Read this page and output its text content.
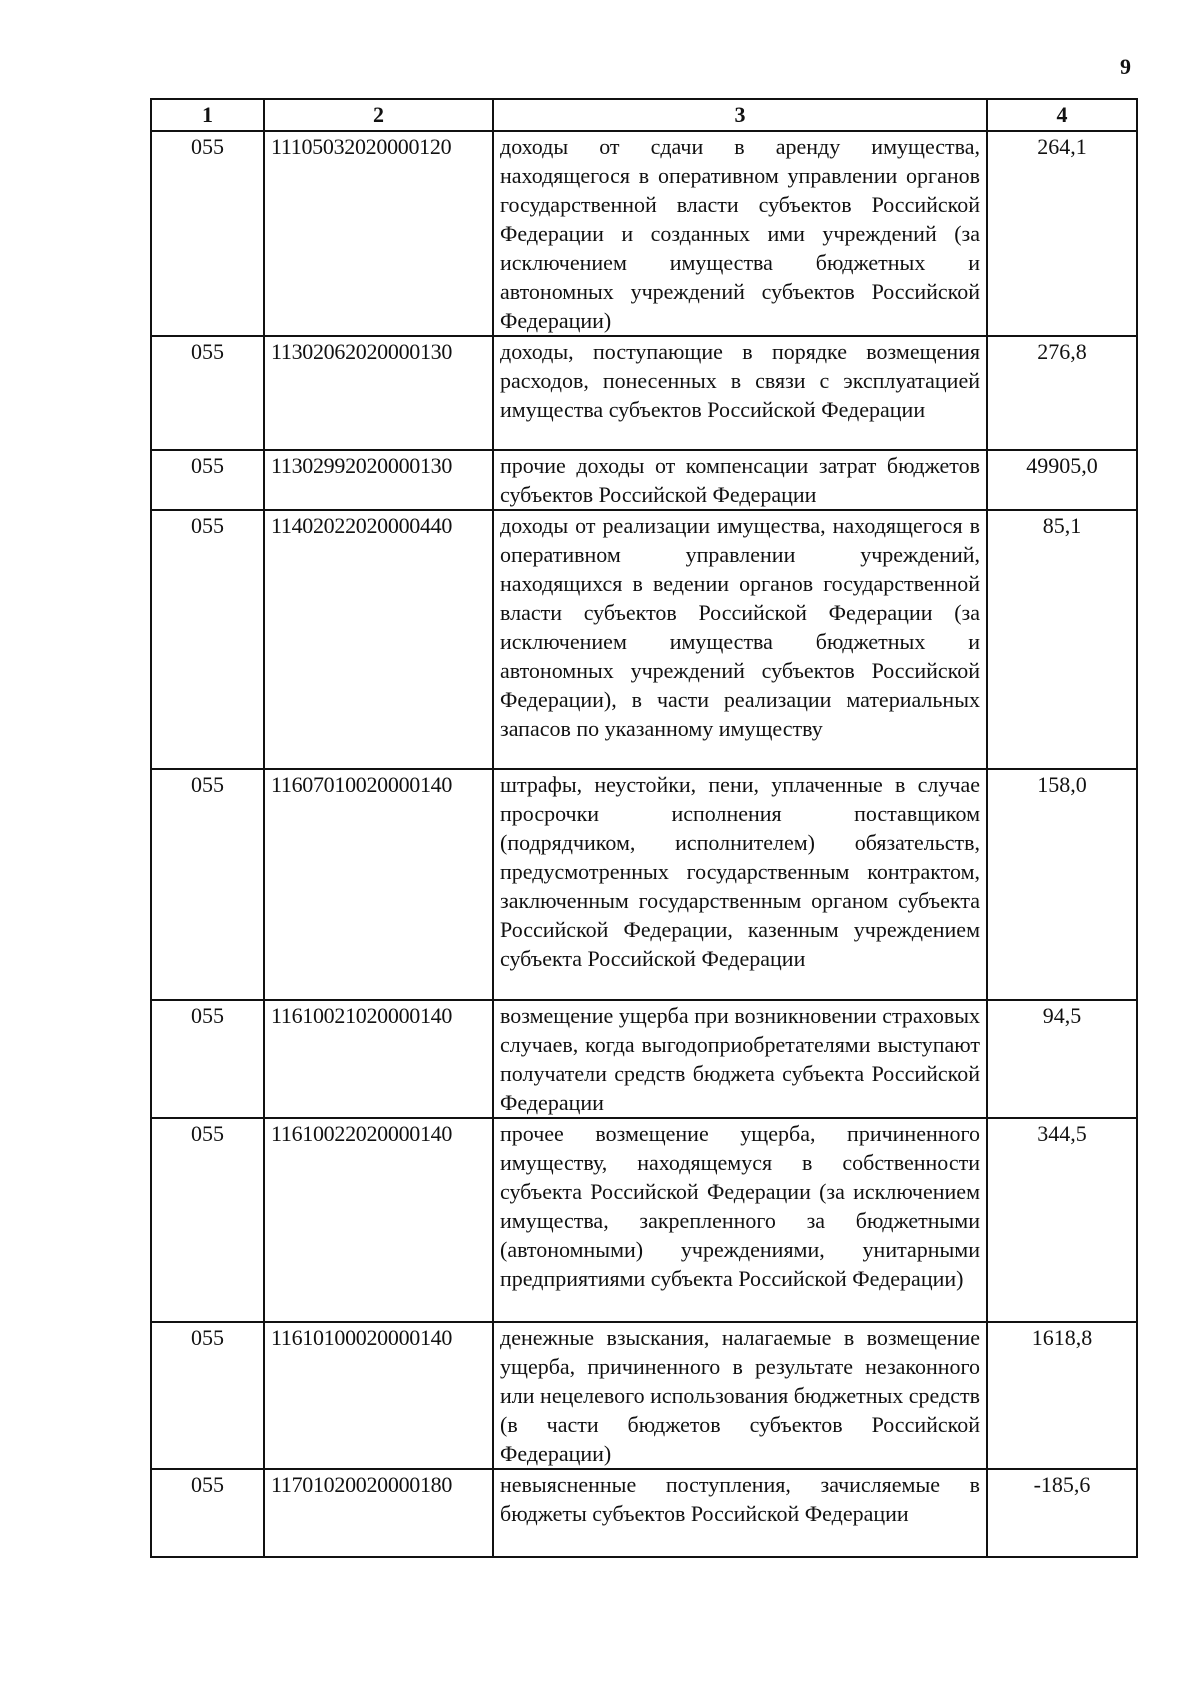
9
1	2	3	4
055	11105032020000120	доходы от сдачи в аренду имущества, находящегося в оперативном управлении органов государственной власти субъектов Российской Федерации и созданных ими учреждений (за исключением имущества бюджетных и автономных учреждений субъектов Российской Федерации)	264,1
055	11302062020000130	доходы, поступающие в порядке возмещения расходов, понесенных в связи с эксплуатацией имущества субъектов Российской Федерации	276,8
055	11302992020000130	прочие доходы от компенсации затрат бюджетов субъектов Российской Федерации	49905,0
055	11402022020000440	доходы от реализации имущества, находящегося в оперативном управлении учреждений, находящихся в ведении органов государственной власти субъектов Российской Федерации (за исключением имущества бюджетных и автономных учреждений субъектов Российской Федерации), в части реализации материальных запасов по указанному имуществу	85,1
055	11607010020000140	штрафы, неустойки, пени, уплаченные в случае просрочки исполнения поставщиком (подрядчиком, исполнителем) обязательств, предусмотренных государственным контрактом, заключенным государственным органом субъекта Российской Федерации, казенным учреждением субъекта Российской Федерации	158,0
055	11610021020000140	возмещение ущерба при возникновении страховых случаев, когда выгодоприобретателями выступают получатели средств бюджета субъекта Российской Федерации	94,5
055	11610022020000140	прочее возмещение ущерба, причиненного имуществу, находящемуся в собственности субъекта Российской Федерации (за исключением имущества, закрепленного за бюджетными (автономными) учреждениями, унитарными предприятиями субъекта Российской Федерации)	344,5
055	11610100020000140	денежные взыскания, налагаемые в возмещение ущерба, причиненного в результате незаконного или нецелевого использования бюджетных средств (в части бюджетов субъектов Российской Федерации)	1618,8
055	11701020020000180	невыясненные поступления, зачисляемые в бюджеты субъектов Российской Федерации	-185,6
